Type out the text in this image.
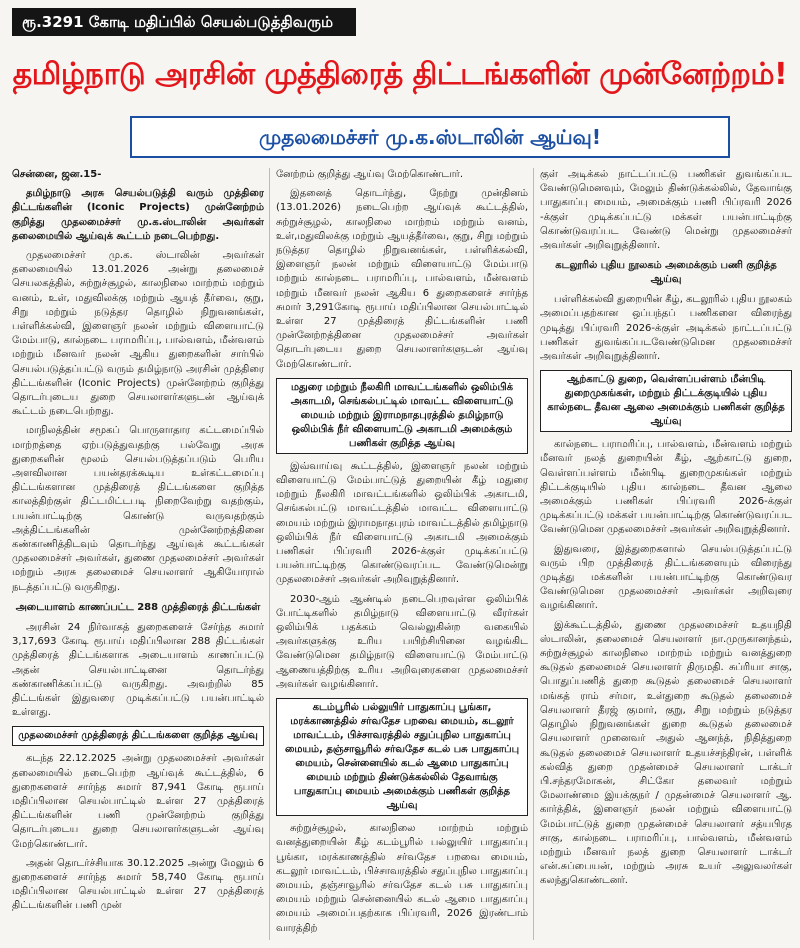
ரூ.3291 கோடி மதிப்பில் செயல்படுத்திவரும்
தமிழ்நாடு அரசின் முத்திரைத் திட்டங்களின் முன்னேற்றம்!
முதலமைச்சர் மு.க.ஸ்டாலின் ஆய்வு!

சென்னை, ஜன.15-

தமிழ்நாடு அரசு செயல்படுத்தி வரும் முத்திரை திட்டங்களின் (Iconic Projects) முன்னேற்றம் குறித்து முதலமைச்சர் மு.க.ஸ்டாலின் அவர்கள் தலைமையில் ஆய்வுக் கூட்டம் நடைபெற்றது.

முதலமைச்சர் மு.க. ஸ்டாலின் அவர்கள் தலைமையில் 13.01.2026 அன்று தலைமைச் செயலகத்தில், சுற்றுச்சூழல், காலநிலை மாற்றம் மற்றும் வனம், உள், மதுவிலக்கு மற்றும் ஆயத் தீர்வை, குறு, சிறு மற்றும் நடுத்தர தொழில் நிறுவனங்கள், பள்ளிக்கல்வி, இளைஞர் நலன் மற்றும் விளையாட்டு மேம்பாடு, கால்நடை பராமரிப்பு, பால்வளம், மீன்வளம் மற்றும் மீனவர் நலன் ஆகிய துறைகளின் சார்பில் செயல்படுத்தப்பட்டு வரும் தமிழ்நாடு அரசின் முத்திரை திட்டங்களின் (Iconic Projects) முன்னேற்றம் குறித்து தொடர்புடைய துறை செயலாளர்களுடன் ஆய்வுக் கூட்டம் நடைபெற்றது.

மாநிலத்தின் சமூகப் பொருளாதார கட்டமைப்பில் மாற்றத்தை ஏற்படுத்துவதற்கு பல்வேறு அரசு துறைகளின் மூலம் செயல்படுத்தப்படும் பெரிய அளவிலான பயன்தரக்கூடிய உள்கட்டமைப்பு திட்டங்களான முத்திரைத் திட்டங்களை குறித்த காலத்திற்குள் திட்டமிட்டபடி நிறைவேற்று வதற்கும், பயன்பாட்டிற்கு கொண்டு வருவதற்கும் அத்திட்டங்களின் முன்னேற்றத்தினை கண்காணித்திடவும் தொடர்ந்து ஆய்வுக் கூட்டங்கள் முதலமைச்சர் அவர்கள், துணை முதலமைச்சர் அவர்கள் மற்றும் அரசு தலைமைச் செயலாளர் ஆகியோரால் நடத்தப்பட்டு வருகிறது.

அடையாளம் காணப்பட்ட 288 முத்திரைத் திட்டங்கள்

அரசின் 24 நிர்வாகத் துறைகளைச் சேர்ந்த சுமார் 3,17,693 கோடி ரூபாய் மதிப்பிலான 288 திட்டங்கள் முத்திரைத் திட்டங்களாக அடையாளம் காணப்பட்டு அதன் செயல்பாட்டினை தொடர்ந்து கண்காணிக்கப்பட்டு வருகிறது. அவற்றில் 85 திட்டங்கள் இதுவரை முடிக்கப்பட்டு பயன்பாட்டில் உள்ளது.

முதலமைச்சர் முத்திரைத் திட்டங்களை குறித்த ஆய்வு

கடந்த 22.12.2025 அன்று முதலமைச்சர் அவர்கள் தலைமையில் நடைபெற்ற ஆய்வுக் கூட்டத்தில், 6 துறைகளைச் சார்ந்த சுமார் 87,941 கோடி ரூபாய் மதிப்பிலான செயல்பாட்டில் உள்ள 27 முத்திரைத் திட்டங்களின் பணி முன்னேற்றம் குறித்து தொடர்புடைய துறை செயலாளர்களுடன் ஆய்வு மேற்கொண்டார்.

அதன் தொடர்ச்சியாக 30.12.2025 அன்று மேலும் 6 துறைகளைச் சார்ந்த சுமார் 58,740 கோடி ரூபாய் மதிப்பிலான செயல்பாட்டில் உள்ள 27 முத்திரைத் திட்டங்களின் பணி முன்

னேற்றம் குறித்து ஆய்வு மேற்கொண்டார்.

இதனைத் தொடர்ந்து, நேற்று முன்தினம் (13.01.2026) நடைபெற்ற ஆய்வுக் கூட்டத்தில், சுற்றுச்சூழல், காலநிலை மாற்றம் மற்றும் வனம், உள்,மதுவிலக்கு மற்றும் ஆயத்தீர்வை, குறு, சிறு மற்றும் நடுத்தர தொழில் நிறுவனங்கள், பள்ளிக்கல்வி, இளைஞர் நலன் மற்றும் விளையாட்டு மேம்பாடு மற்றும் கால்நடை பராமரிப்பு, பால்வளம், மீன்வளம் மற்றும் மீனவர் நலன் ஆகிய 6 துறைகளைச் சார்ந்த சுமார் 3,291கோடி ரூபாய் மதிப்பிலான செயல்பாட்டில் உள்ள 27 முத்திரைத் திட்டங்களின் பணி முன்னேற்றத்தினை முதலமைச்சர் அவர்கள் தொடர்புடைய துறை செயலாளர்களுடன் ஆய்வு மேற்கொண்டார்.

மதுரை மற்றும் நீலகிரி மாவட்டங்களில் ஒலிம்பிக் அகாடமி, செங்கல்பட்டில் மாவட்ட விளையாட்டு மையம் மற்றும் இராமநாதபுரத்தில் தமிழ்நாடு ஒலிம்பிக் நீர் விளையாட்டு அகாடமி அமைக்கும் பணிகள் குறித்த ஆய்வு

இவ்வாய்வு கூட்டத்தில், இளைஞர் நலன் மற்றும் விளையாட்டு மேம்பாட்டுத் துறையின் கீழ் மதுரை மற்றும் நீலகிரி மாவட்டங்களில் ஒலிம்பிக் அகாடமி, செங்கல்பட்டு மாவட்டத்தில் மாவட்ட விளையாட்டு மையம் மற்றும் இராமநாதபுரம் மாவட்டத்தில் தமிழ்நாடு ஒலிம்பிக் நீர் விளையாட்டு அகாடமி அமைக்கும் பணிகள் பிப்ரவரி 2026-க்குள் முடிக்கப்பட்டு பயன்பாட்டிற்கு கொண்டுவரப்பட வேண்டுமென்று முதலமைச்சர் அவர்கள் அறிவுறுத்தினார்.

2030-ஆம் ஆண்டில் நடைபெறவுள்ள ஒலிம்பிக் போட்டிகளில் தமிழ்நாடு விளையாட்டு வீரர்கள் ஒலிம்பிக் பதக்கம் வெல்லுகின்ற வகையில் அவர்களுக்கு உரிய பயிற்சியினை வழங்கிட வேண்டுமென தமிழ்நாடு விளையாட்டு மேம்பாட்டு ஆணையத்திற்கு உரிய அறிவுரைகளை முதலமைச்சர் அவர்கள் வழங்கினார்.

கடம்பூரில் பல்லுயிர் பாதுகாப்பு பூங்கா, மரக்காணத்தில் சர்வதேச பறவை மையம், கடலூர் மாவட்டம், பிச்சாவரத்தில் சதுப்புநில பாதுகாப்பு மையம், தஞ்சாவூரில் சர்வதேச கடல் பசு பாதுகாப்பு மையம், சென்னையில் கடல் ஆமை பாதுகாப்பு மையம் மற்றும் திண்டுக்கல்லில் தேவாங்கு பாதுகாப்பு மையம் அமைக்கும் பணிகள் குறித்த ஆய்வு

சுற்றுச்சூழல், காலநிலை மாற்றம் மற்றும் வனத்துறையின் கீழ் கடம்பூரில் பல்லுயிர் பாதுகாப்பு பூங்கா, மரக்காணத்தில் சர்வதேச பறவை மையம், கடலூர் மாவட்டம், பிச்சாவரத்தில் சதுப்புநில பாதுகாப்பு மையம், தஞ்சாவூரில் சர்வதேச கடல் பசு பாதுகாப்பு மையம் மற்றும் சென்னையில் கடல் ஆமை பாதுகாப்பு மையம் அமைப்பதற்காக பிப்ரவரி, 2026 இரண்டாம் வாரத்திற்

குள் அடிக்கல் நாட்டப்பட்டு பணிகள் துவங்கப்பட வேண்டுமெனவும், மேலும் திண்டுக்கல்லில், தேவாங்கு பாதுகாப்பு மையம், அமைக்கும் பணி பிப்ரவரி 2026 -க்குள் முடிக்கப்பட்டு மக்கள் பயன்பாட்டிற்கு கொண்டுவரப்பட வேண்டு மென்று முதலமைச்சர் அவர்கள் அறிவுறுத்தினார்.

கடலூரில் புதிய நூலகம் அமைக்கும் பணி குறித்த ஆய்வு

பள்ளிக்கல்வி துறையின் கீழ், கடலூரில் புதிய நூலகம் அமைப்பதற்கான ஒப்பந்தப் பணிகளை விரைந்து முடித்து பிப்ரவரி 2026-க்குள் அடிக்கல் நாட்டப்பட்டு பணிகள் துவங்கப்படவேண்டுமென முதலமைச்சர் அவர்கள் அறிவுறுத்தினார்.

ஆற்காட்டு துறை, வெள்ளப்பள்ளம் மீன்பிடி துறைமுகங்கள், மற்றும் திட்டக்குடியில் புதிய கால்நடை தீவன ஆலை அமைக்கும் பணிகள் குறித்த ஆய்வு

கால்நடை பராமரிப்பு, பால்வளம், மீன்வளம் மற்றும் மீனவர் நலத் துறையின் கீழ், ஆற்காட்டு துறை, வெள்ளப்பள்ளம் மீன்பிடி துறைமுகங்கள் மற்றும் திட்டக்குடியில் புதிய கால்நடை தீவன ஆலை அமைக்கும் பணிகள் பிப்ரவரி 2026-க்குள் முடிக்கப்பட்டு மக்கள் பயன்பாட்டிற்கு கொண்டுவரப்பட வேண்டுமென முதலமைச்சர் அவர்கள் அறிவுறுத்தினார்.

இதுவரை, இத்துறைகளால் செயல்படுத்தப்பட்டு வரும் பிற முத்திரைத் திட்டங்களையும் விரைந்து முடித்து மக்களின் பயன்பாட்டிற்கு கொண்டுவர வேண்டுமென முதலமைச்சர் அவர்கள் அறிவுரை வழங்கினார்.

இக்கூட்டத்தில், துணை முதலமைச்சர் உதயநிதி ஸ்டாலின், தலைமைச் செயலாளர் நா.முருகானந்தம், சுற்றுச்சூழல் காலநிலை மாற்றம் மற்றும் வனத்துறை கூடுதல் தலைமைச் செயலாளர் திருமதி. சுப்ரியா சாகு, பொதுப்பணித் துறை கூடுதல் தலைமைச் செயலாளர் மங்கத் ராம் சர்மா, உள்துறை கூடுதல் தலைமைச் செயலாளர் தீரஜ் குமார், குறு, சிறு மற்றும் நடுத்தர தொழில் நிறுவனங்கள் துறை கூடுதல் தலைமைச் செயலாளர் முனைவர் அதுல் ஆனந்த், நிதித்துறை கூடுதல் தலைமைச் செயலாளர் உதயச்சந்திரன், பள்ளிக் கல்வித் துறை முதன்மைச் செயலாளர் டாக்டர் பி.சந்தரமோகன், சிட்கோ தலைவர் மற்றும் மேலாண்மை இயக்குநர் / முதன்மைச் செயலாளர் ஆ. கார்த்திக், இளைஞர் நலன் மற்றும் விளையாட்டு மேம்பாட்டுத் துறை முதன்மைச் செயலாளர் சத்யபிரத சாகு, கால்நடை பராமரிப்பு, பால்வளம், மீன்வளம் மற்றும் மீனவர் நலத் துறை செயலாளர் டாக்டர் என்.சுப்பையன், மற்றும் அரசு உயர் அலுவலர்கள் கலந்துகொண்டனர்.
